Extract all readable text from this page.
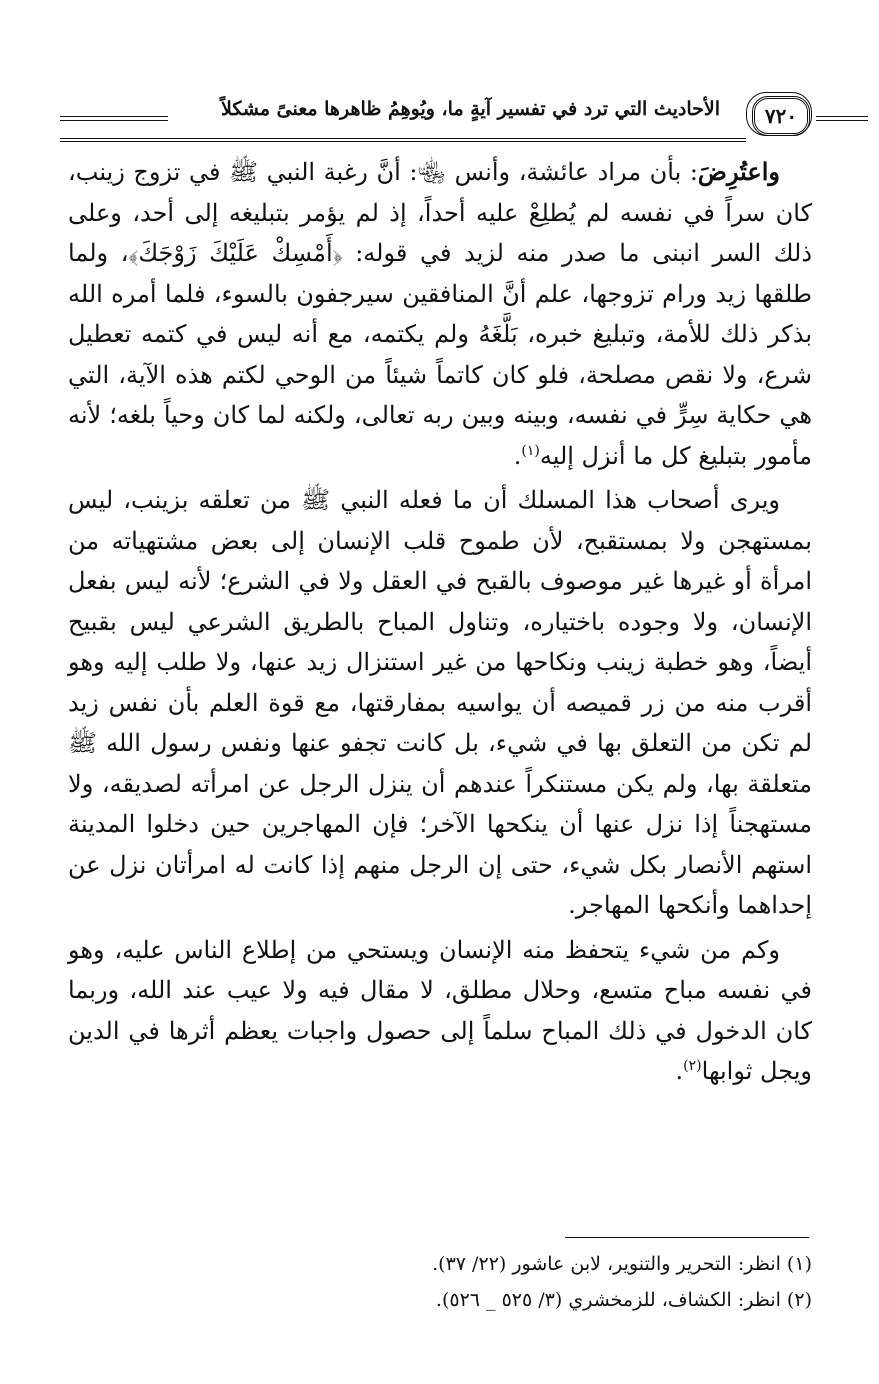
٧٢٠
الأحاديث التي ترد في تفسير آيةٍ ما، ويُوهِمُ ظاهرها معنىً مشكلاً

واعتُرِضَ: بأن مراد عائشة، وأنس ﵄: أنَّ رغبة النبي ﷺ في تزوج زينب، كان سراً في نفسه لم يُطلِعْ عليه أحداً، إذ لم يؤمر بتبليغه إلى أحد، وعلى ذلك السر انبنى ما صدر منه لزيد في قوله: ﴿أَمْسِكْ عَلَيْكَ زَوْجَكَ﴾، ولما طلقها زيد ورام تزوجها، علم أنَّ المنافقين سيرجفون بالسوء، فلما أمره الله بذكر ذلك للأمة، وتبليغ خبره، بَلَّغَهُ ولم يكتمه، مع أنه ليس في كتمه تعطيل شرع، ولا نقص مصلحة، فلو كان كاتماً شيئاً من الوحي لكتم هذه الآية، التي هي حكاية سِرٍّ في نفسه، وبينه وبين ربه تعالى، ولكنه لما كان وحياً بلغه؛ لأنه مأمور بتبليغ كل ما أنزل إليه$^{(١)}$.

ويرى أصحاب هذا المسلك أن ما فعله النبي ﷺ من تعلقه بزينب، ليس بمستهجن ولا بمستقبح، لأن طموح قلب الإنسان إلى بعض مشتهياته من امرأة أو غيرها غير موصوف بالقبح في العقل ولا في الشرع؛ لأنه ليس بفعل الإنسان، ولا وجوده باختياره، وتناول المباح بالطريق الشرعي ليس بقبيح أيضاً، وهو خطبة زينب ونكاحها من غير استنزال زيد عنها، ولا طلب إليه وهو أقرب منه من زر قميصه أن يواسيه بمفارقتها، مع قوة العلم بأن نفس زيد لم تكن من التعلق بها في شيء، بل كانت تجفو عنها ونفس رسول الله ﷺ متعلقة بها، ولم يكن مستنكراً عندهم أن ينزل الرجل عن امرأته لصديقه، ولا مستهجناً إذا نزل عنها أن ينكحها الآخر؛ فإن المهاجرين حين دخلوا المدينة استهم الأنصار بكل شيء، حتى إن الرجل منهم إذا كانت له امرأتان نزل عن إحداهما وأنكحها المهاجر.

وكم من شيء يتحفظ منه الإنسان ويستحي من إطلاع الناس عليه، وهو في نفسه مباح متسع، وحلال مطلق، لا مقال فيه ولا عيب عند الله، وربما كان الدخول في ذلك المباح سلماً إلى حصول واجبات يعظم أثرها في الدين ويجل ثوابها$^{(٢)}$.

(١) انظر: التحرير والتنوير، لابن عاشور (٢٢/ ٣٧).

(٢) انظر: الكشاف، للزمخشري (٣/ ٥٢٥ _ ٥٢٦).
